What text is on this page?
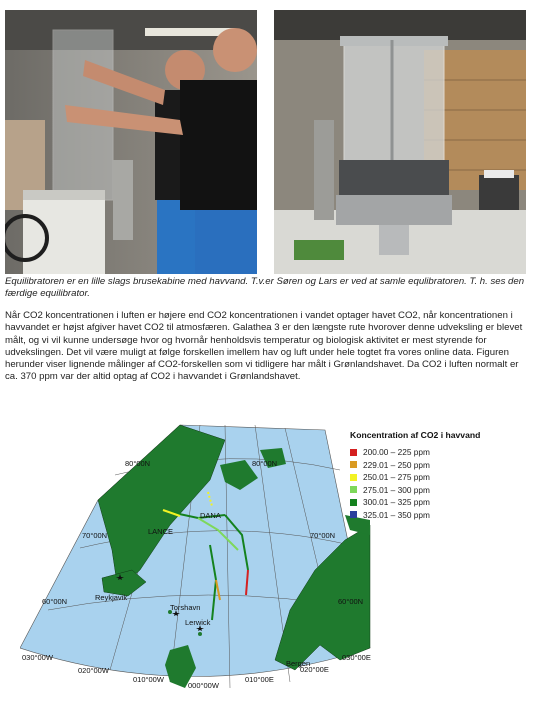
Equilibratoren er en lille slags brusekabine med havvand. T.v.er Søren og Lars er ved at samle equlibratoren. T. h. ses den færdige equilibrator.

Når CO2 koncentrationen i luften er højere end CO2 koncentrationen i vandet optager havet CO2, når koncentrationen i havvandet er højst afgiver havet CO2 til atmosfæren. Galathea 3 er den længste rute hvorover denne udveksling er blevet målt, og vi vil kunne undersøge hvor og hvornår henholdsvis temperatur og biologisk aktivitet er mest styrende for udvekslingen. Det vil være muligt at følge forskellen imellem hav og luft under hele togtet fra vores online data. Figuren herunder viser lignende målinger af CO2-forskellen som vi tidligere har målt i Grønlandshavet. Da CO2 i luften normalt er ca. 370 ppm var der altid optag af CO2 i havvandet i Grønlandshavet.

LANCE
DANA
Reykjavik
Torshavn
Lerwick
Bergen
80°00N	80°00N
70°00N	70°00N
60°00N	60°00N
030°00W
020°00W
010°00W
000°00W
010°00E
020°00E
030°00E
Koncentration af CO2 i havvand
200.00 – 225 ppm
229.01 – 250 ppm
250.01 – 275 ppm
275.01 – 300 ppm
300.01 – 325 ppm
325.01 – 350 ppm
